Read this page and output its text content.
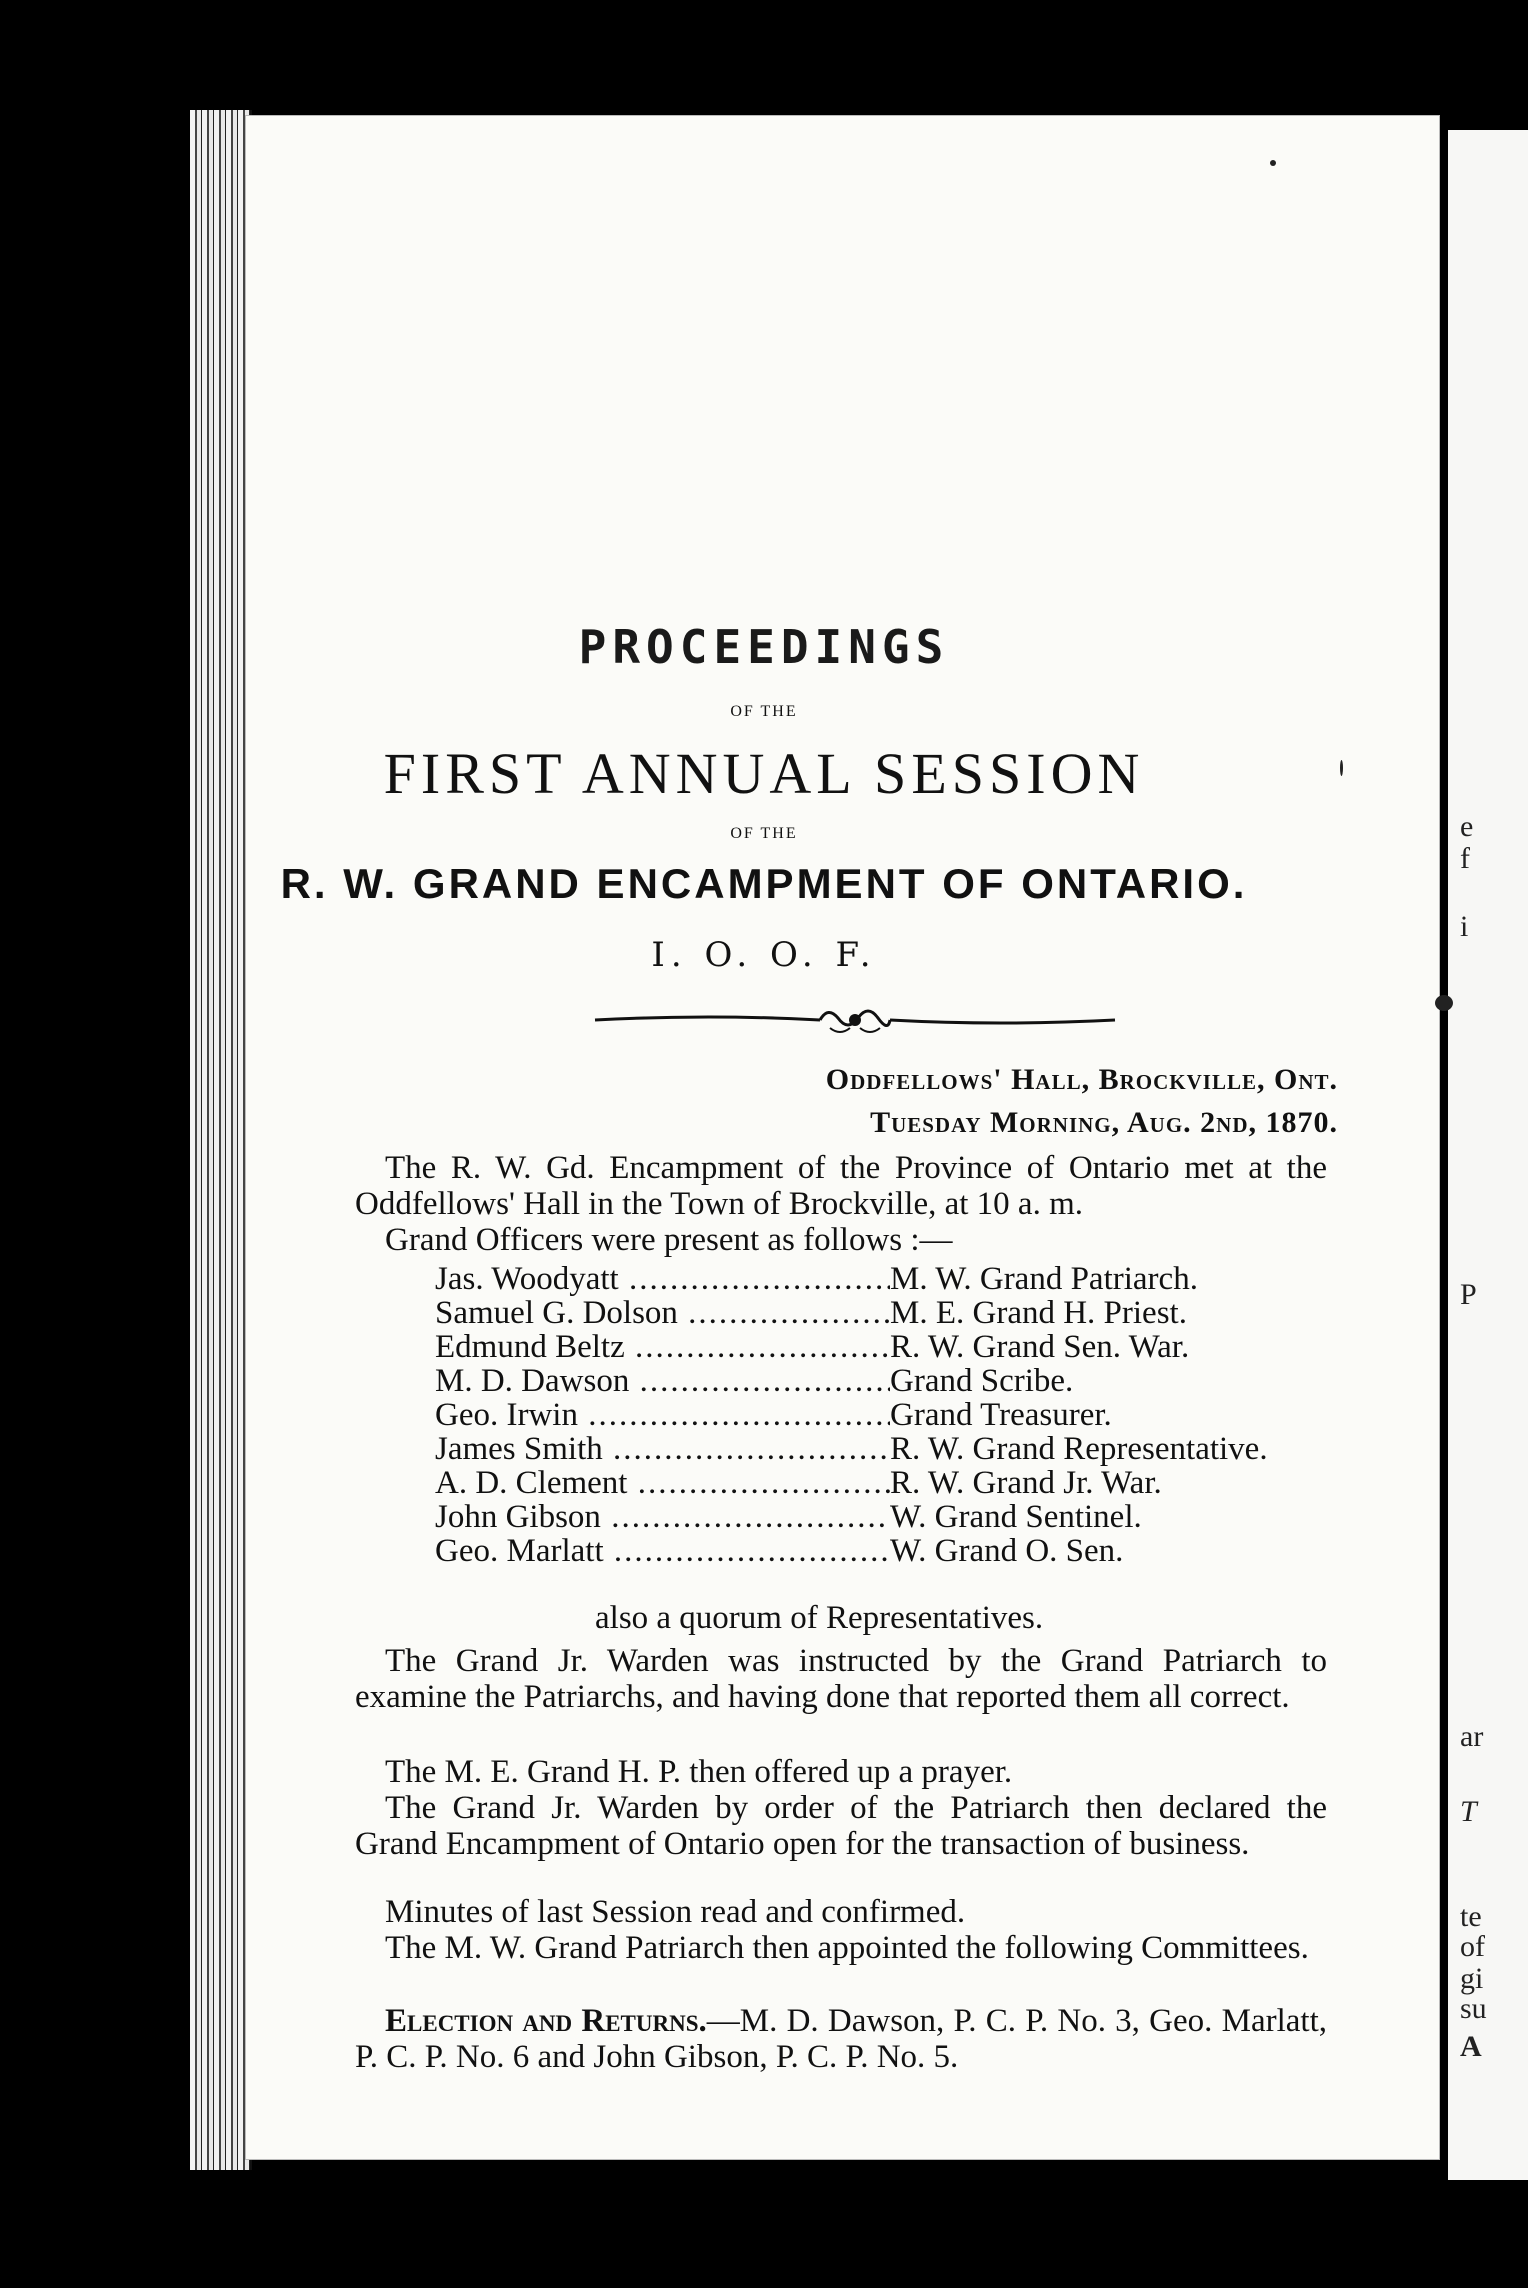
e
f
i
P
ar
T
te
of
gi
su
A
PROCEEDINGS
OF THE
FIRST ANNUAL SESSION
OF THE
R. W. GRAND ENCAMPMENT OF ONTARIO.
I. O. O. F.
Oddfellows' Hall, Brockville, Ont.
Tuesday Morning, Aug. 2nd, 1870.
The R. W. Gd. Encampment of the Province of Ontario met at the Oddfellows' Hall in the Town of Brockville, at 10 a. m.
Grand Officers were present as follows :—
Jas. Woodyatt .....	M. W. Grand Patriarch.
Samuel G. Dolson .....	M. E. Grand H. Priest.
Edmund Beltz .....	R. W. Grand Sen. War.
M. D. Dawson .....	Grand Scribe.
Geo. Irwin .....	Grand Treasurer.
James Smith .....	R. W. Grand Representative.
A. D. Clement .....	R. W. Grand Jr. War.
John Gibson .....	W. Grand Sentinel.
Geo. Marlatt .....	W. Grand O. Sen.
also a quorum of Representatives.
The Grand Jr. Warden was instructed by the Grand Patriarch to examine the Patriarchs, and having done that reported them all correct.
The M. E. Grand H. P. then offered up a prayer.
The Grand Jr. Warden by order of the Patriarch then declared the Grand Encampment of Ontario open for the transaction of business.
Minutes of last Session read and confirmed.
The M. W. Grand Patriarch then appointed the following Committees.
Election and Returns.—M. D. Dawson, P. C. P. No. 3, Geo. Marlatt, P. C. P. No. 6 and John Gibson, P. C. P. No. 5.
